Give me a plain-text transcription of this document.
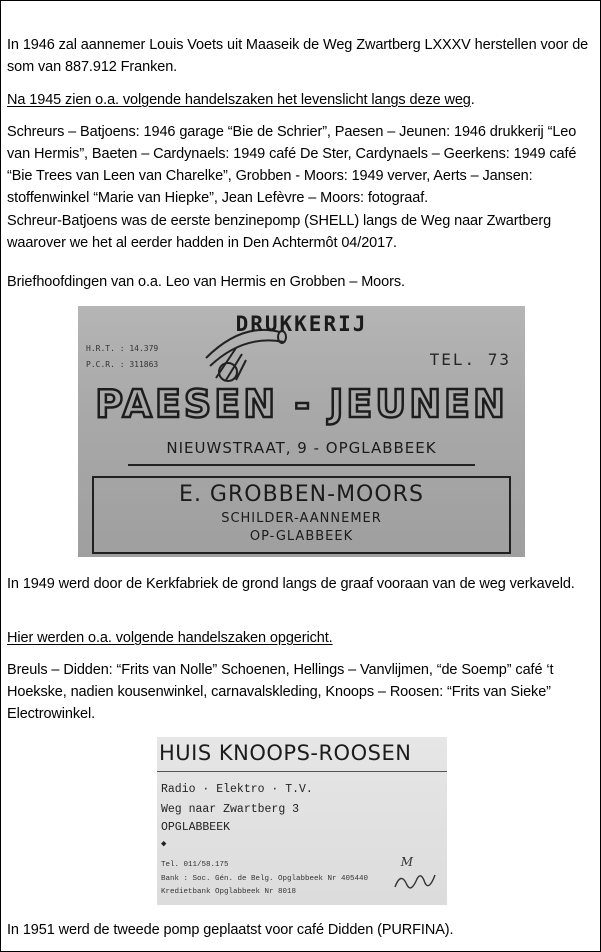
In 1946 zal aannemer Louis Voets uit Maaseik de Weg Zwartberg LXXXV herstellen voor de som van 887.912 Franken.

Na 1945 zien o.a. volgende handelszaken het levenslicht langs deze weg.

Schreurs – Batjoens: 1946 garage “Bie de Schrier”, Paesen – Jeunen: 1946 drukkerij “Leo van Hermis”, Baeten – Cardynaels: 1949 café De Ster, Cardynaels – Geerkens: 1949 café “Bie Trees van Leen van Charelke”, Grobben - Moors: 1949 verver, Aerts – Jansen: stoffenwinkel “Marie van Hiepke”, Jean Lefèvre – Moors: fotograaf.

Schreur-Batjoens was de eerste benzinepomp (SHELL) langs de Weg naar Zwartberg waarover we het al eerder hadden in Den Achtermôt 04/2017.

Briefhoofdingen van o.a. Leo van Hermis en Grobben – Moors.

DRUKKERIJ
H.R.T. : 14.379
P.C.R. : 311863	TEL. 73
PAESEN - JEUNEN
NIEUWSTRAAT, 9 - OPGLABBEEK
E. GROBBEN-MOORS
SCHILDER-AANNEMER
OP-GLABBEEK

In 1949 werd door de Kerkfabriek de grond langs de graaf vooraan van de weg verkaveld.

Hier werden o.a. volgende handelszaken opgericht.

Breuls – Didden: “Frits van Nolle” Schoenen, Hellings – Vanvlijmen, “de Soemp” café ‘t Hoekske, nadien kousenwinkel, carnavalskleding, Knoops – Roosen: “Frits van Sieke” Electrowinkel.

HUIS KNOOPS-ROOSEN
Radio · Elektro · T.V.
Weg naar Zwartberg 3
OPGLABBEEK
◆
Tel. 011/58.175
Bank : Soc. Gén. de Belg. Opglabbeek Nr 405440
Kredietbank Opglabbeek Nr 8018
M

In 1951 werd de tweede pomp geplaatst voor café Didden (PURFINA).
